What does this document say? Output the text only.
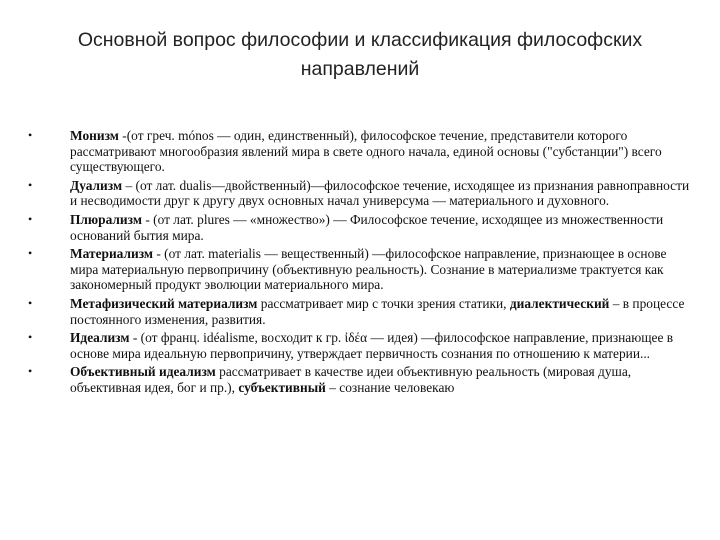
Основной вопрос философии и классификация философских
направлений
•
Монизм -(от греч. mónos — один, единственный), философское течение, представители которого рассматривают многообразия явлений мира в свете одного начала, единой основы ("субстанции") всего существующего.
•
Дуализм – (от лат. dualis—двойственный)—философское течение, исходящее из признания равноправности и несводимости друг к другу двух основных начал универсума — материального и духовного.
•
Плюрализм - (от лат. plures — «множество») — Философское течение, исходящее из множественности оснований бытия мира.
•
Материализм - (от лат. materialis — вещественный) —философское направление, признающее в основе мира материальную первопричину (объективную реальность). Сознание в материализме трактуется как закономерный продукт эволюции материального мира.
•
Метафизический материализм рассматривает мир с точки зрения статики, диалектический – в процессе постоянного изменения, развития.
•
Идеализм - (от франц. idéalisme, восходит к гр. ἰδέα — идея) —философское направление, признающее в основе мира идеальную первопричину, утверждает первичность сознания по отношению к материи...
•
Объективный идеализм рассматривает в качестве идеи объективную реальность (мировая душа, объективная идея, бог и пр.), субъективный – сознание человекаю
